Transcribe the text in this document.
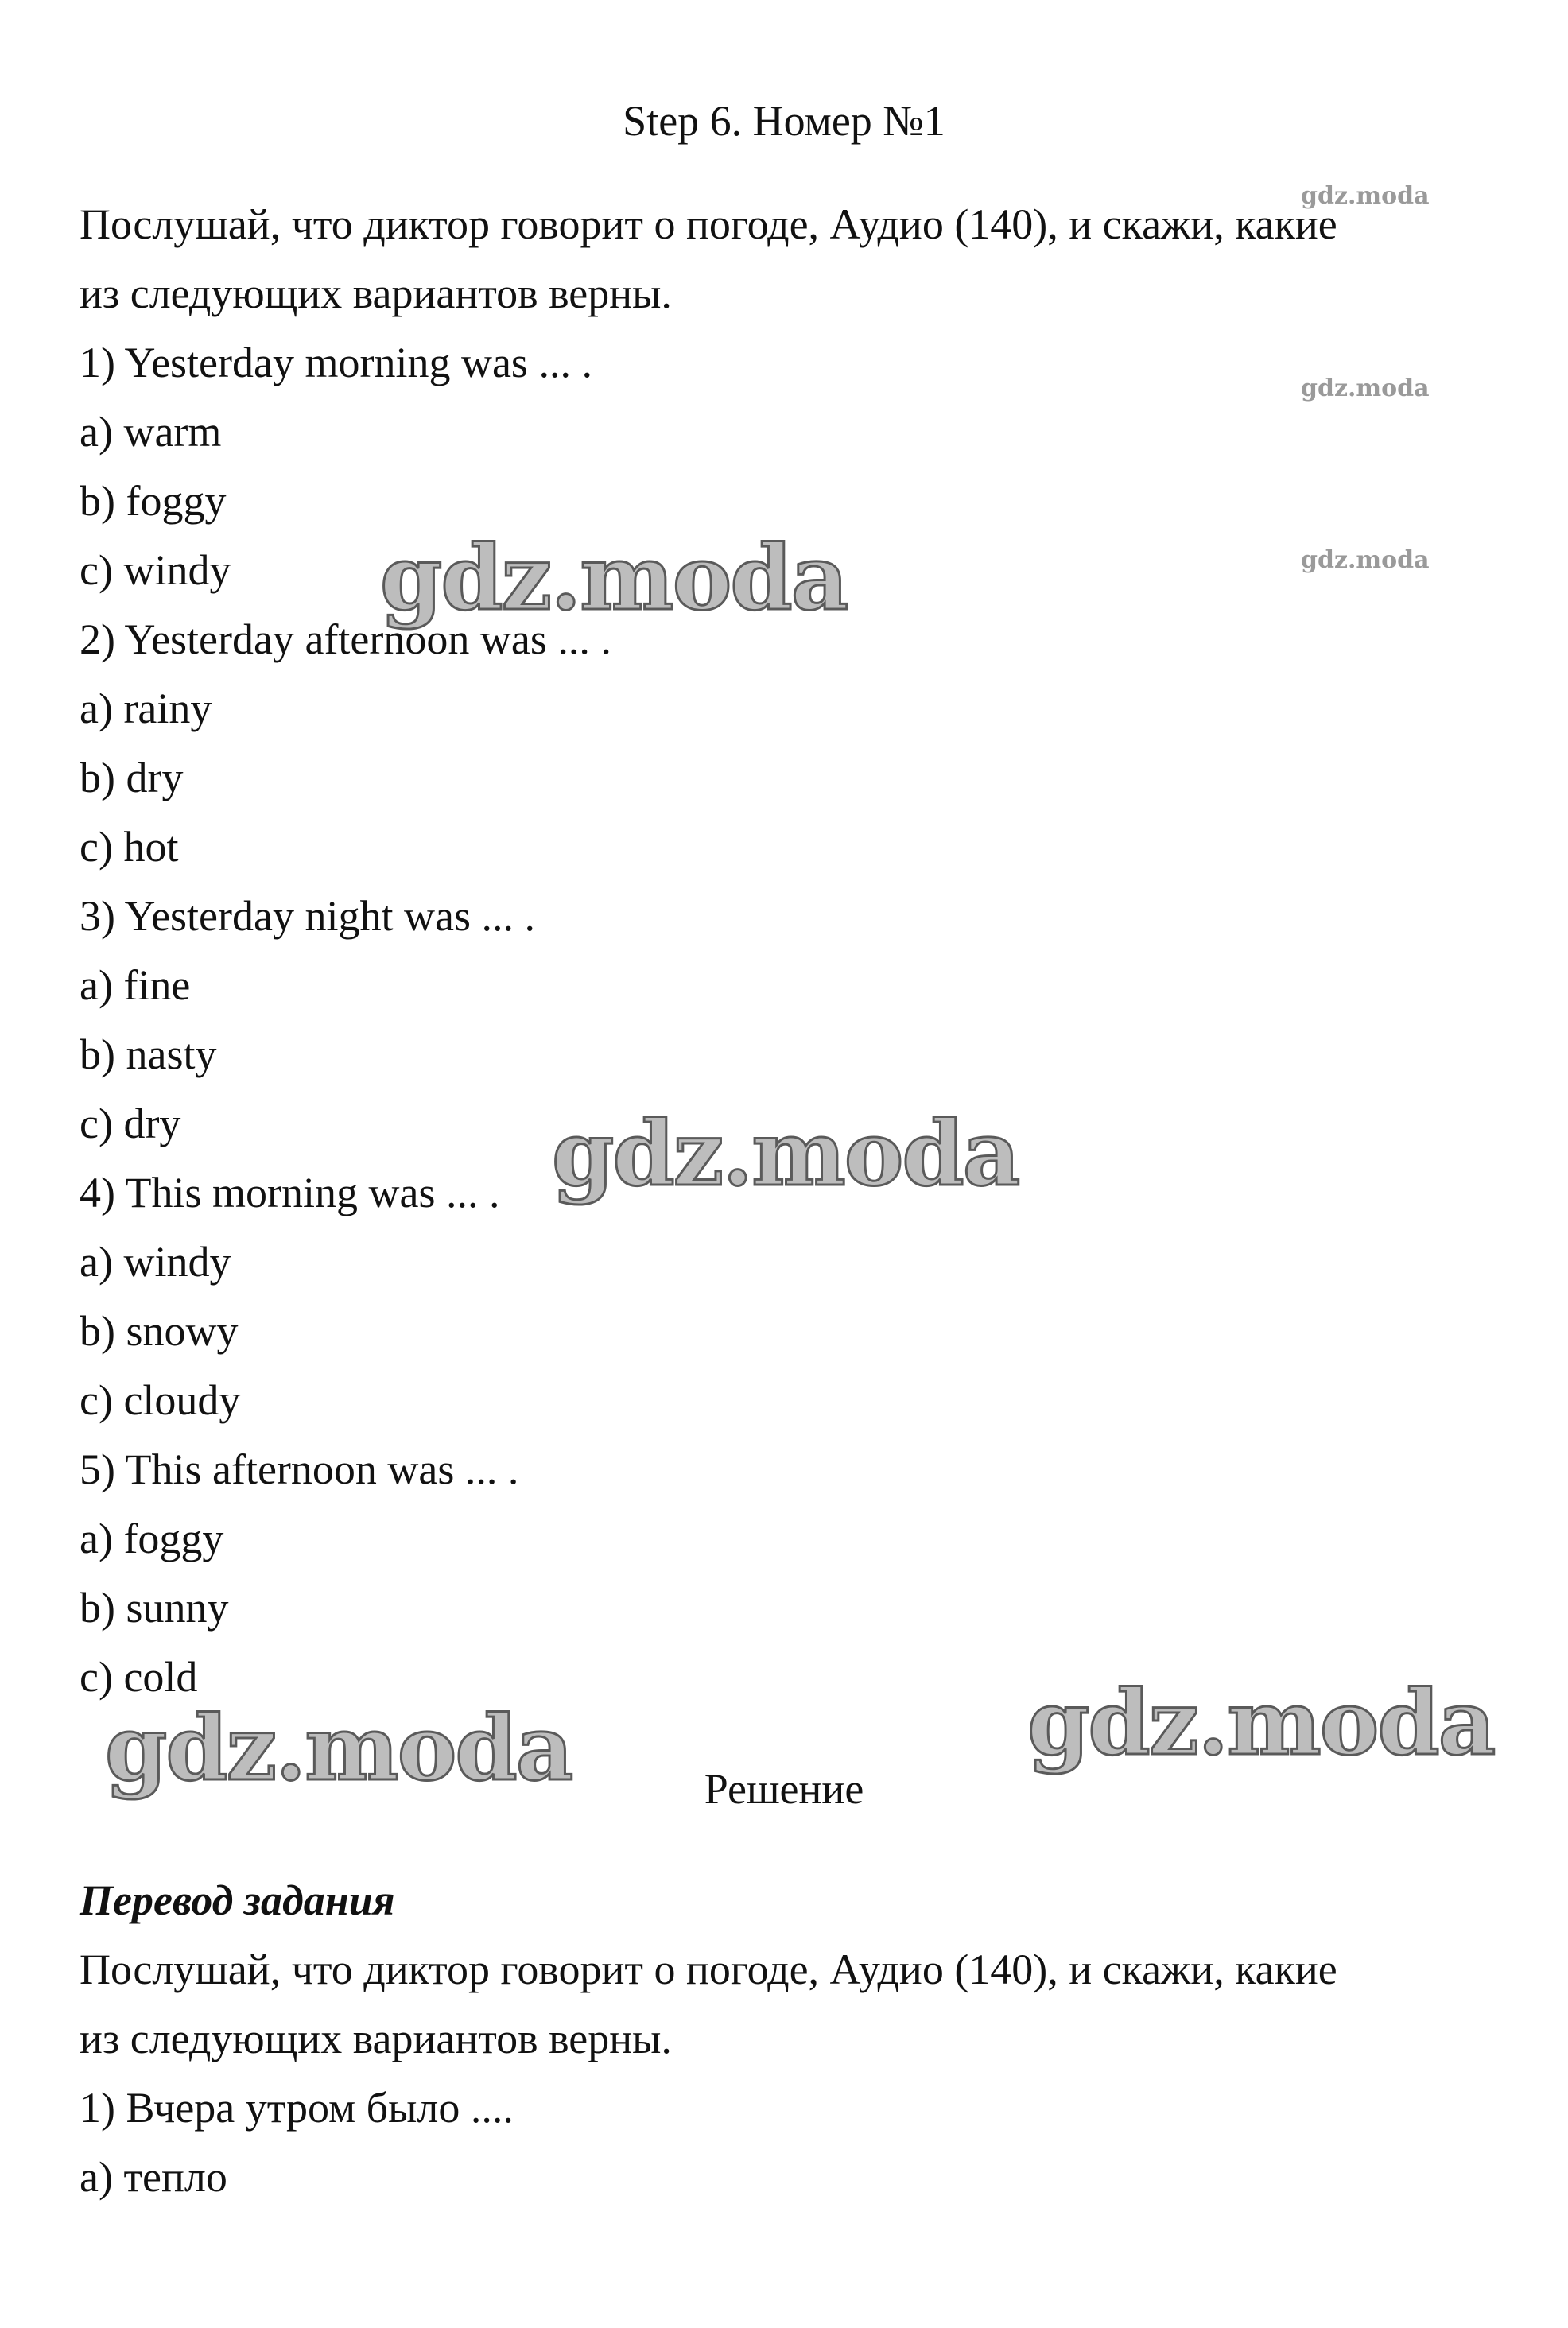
Step 6. Номер №1
Послушай, что диктор говорит о погоде, Аудио (140), и скажи, какие
из следующих вариантов верны.
1) Yesterday morning was ... .
a) warm
b) foggy
c) windy
2) Yesterday afternoon was ... .
a) rainy
b) dry
c) hot
3) Yesterday night was ... .
a) fine
b) nasty
c) dry
4) This morning was ... .
a) windy
b) snowy
c) cloudy
5) This afternoon was ... .
a) foggy
b) sunny
c) cold
Решение
Перевод задания
Послушай, что диктор говорит о погоде, Аудио (140), и скажи, какие
из следующих вариантов верны.
1) Вчера утром было ....
а) тепло
gdz.moda
gdz.moda
gdz.moda
gdz.moda
gdz.moda
gdz.moda	gdz.moda
